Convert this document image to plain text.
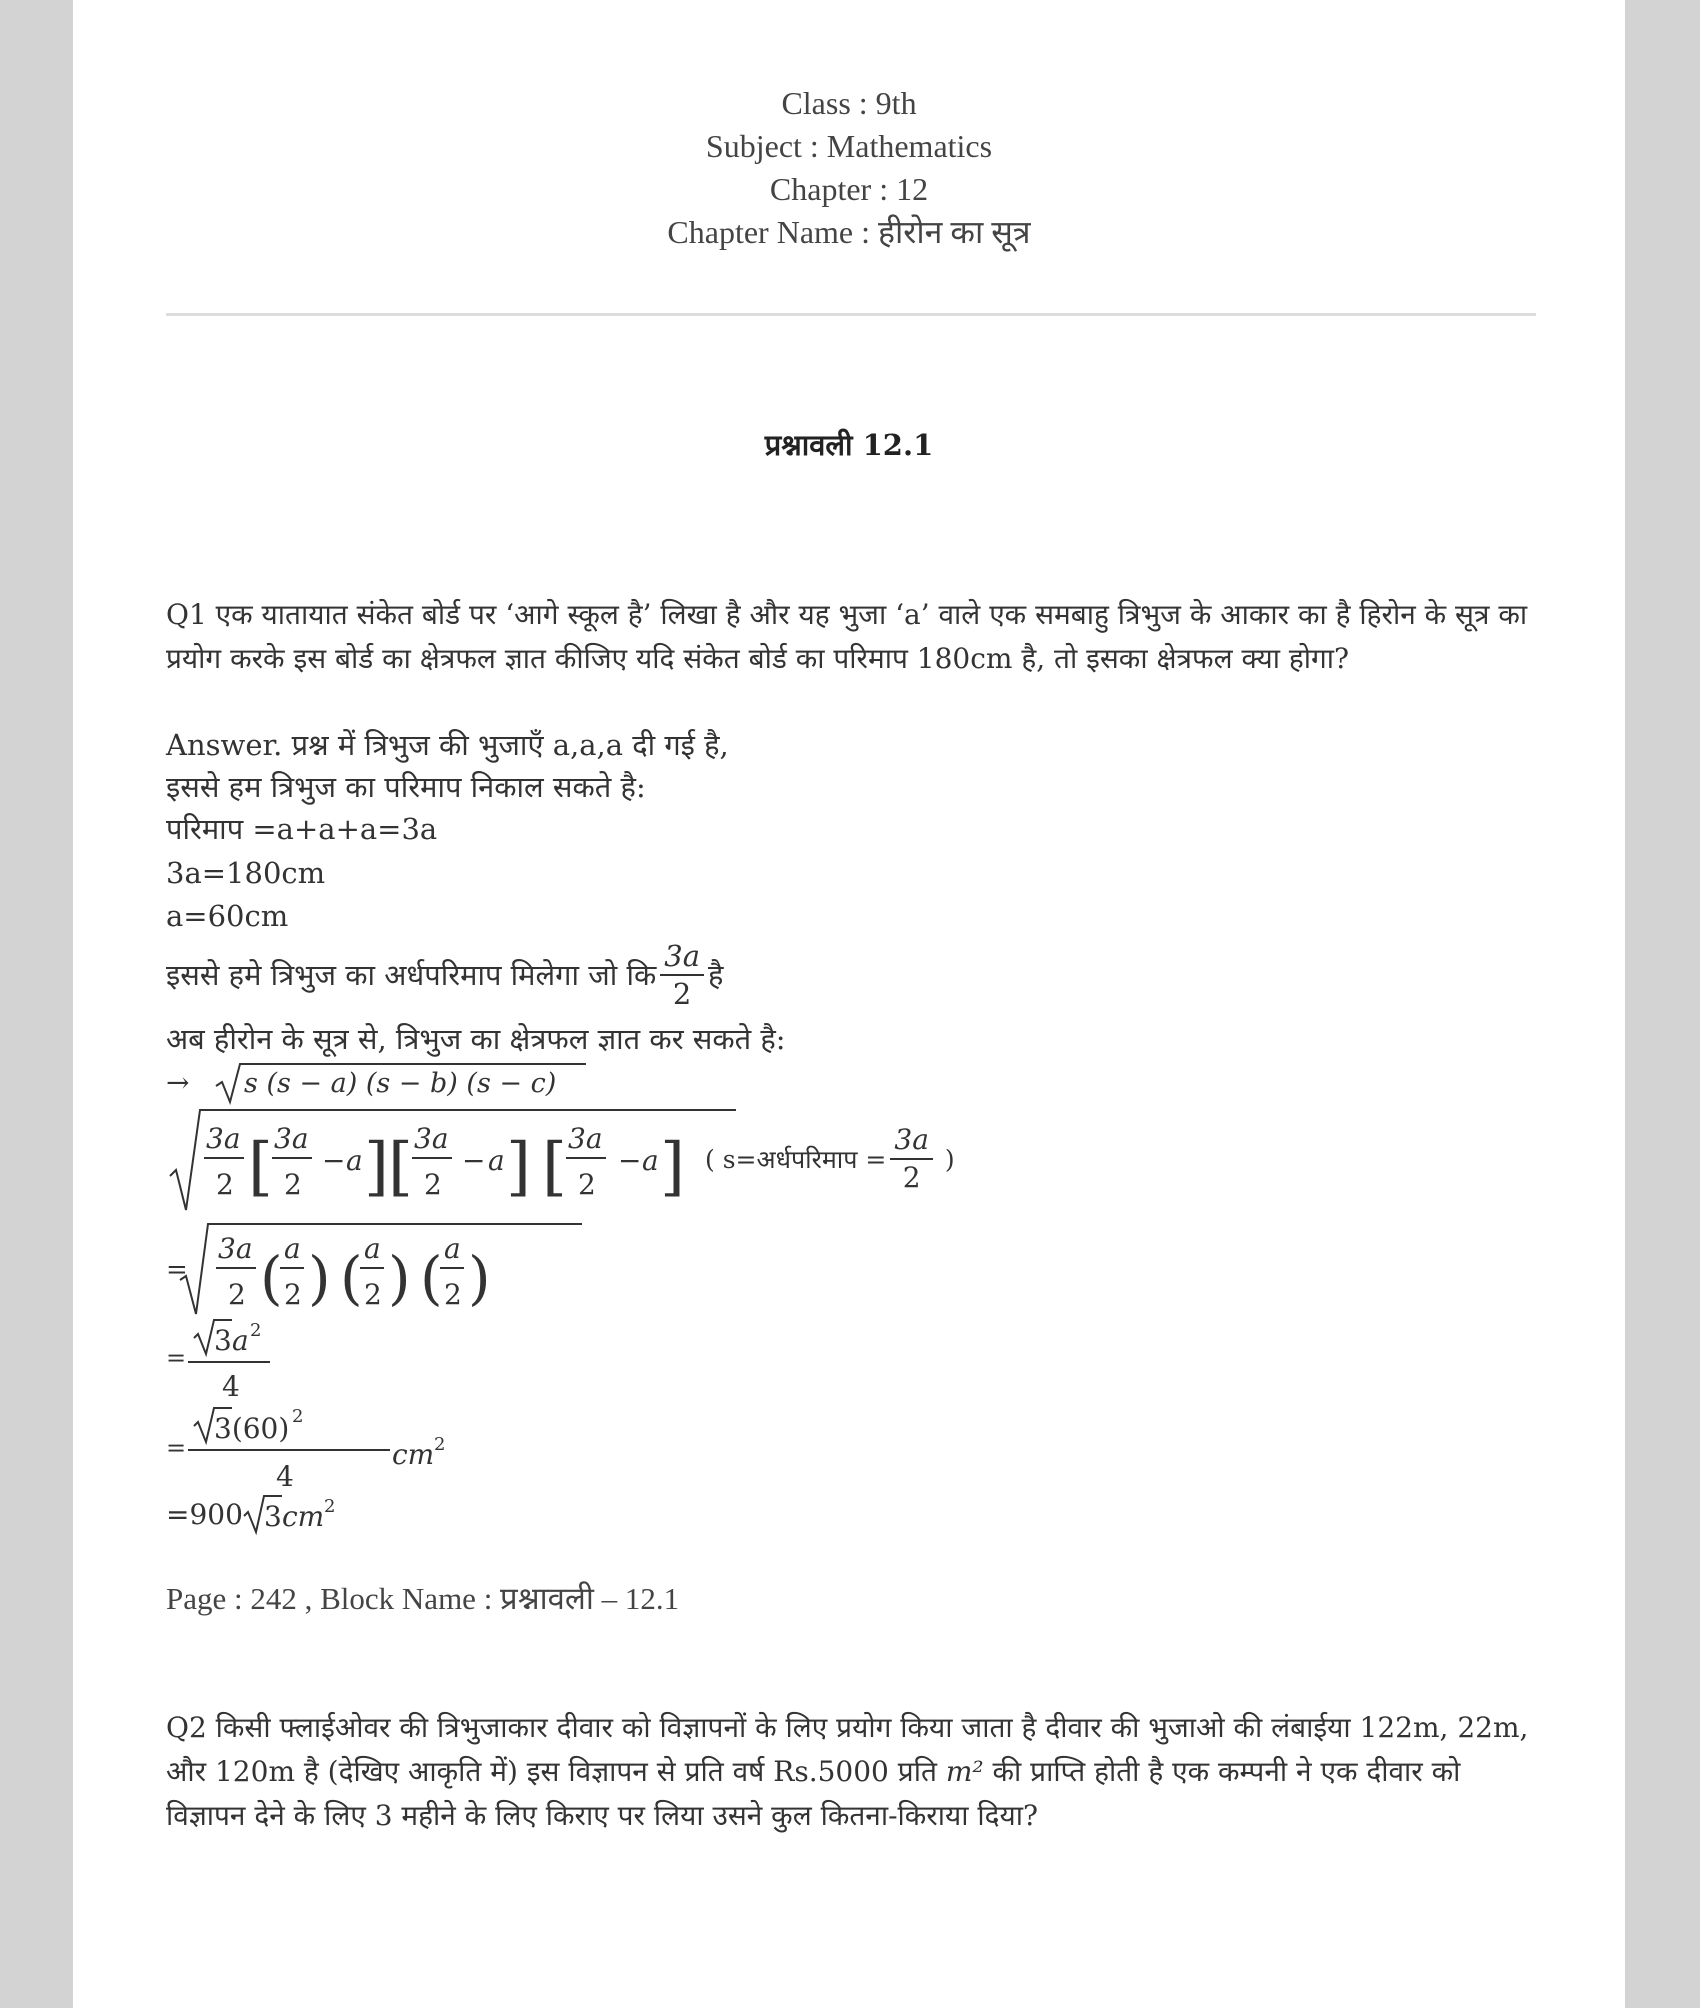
Class : 9th
Subject : Mathematics
Chapter : 12
Chapter Name : हीरोन का सूत्र
प्रश्नावली 12.1
Q1 एक यातायात संकेत बोर्ड पर ‘आगे स्कूल है’ लिखा है और यह भुजा ‘a’ वाले एक समबाहु त्रिभुज के आकार का है हिरोन के सूत्र का प्रयोग करके इस बोर्ड का क्षेत्रफल ज्ञात कीजिए यदि संकेत बोर्ड का परिमाप 180cm है, तो इसका क्षेत्रफल क्या होगा?
Answer. प्रश्न में त्रिभुज की भुजाएँ a,a,a दी गई है,
इससे हम त्रिभुज का परिमाप निकाल सकते है:
परिमाप =a+a+a=3a
3a=180cm
a=60cm
इससे हमे त्रिभुज का अर्धपरिमाप मिलेगा जो कि $\frac{3a}{2}$ है
अब हीरोन के सूत्र से, त्रिभुज का क्षेत्रफल ज्ञात कर सकते है:
→ s (s − a) (s − b) (s − c)
3a
2 [ 3a
2
− a ] [ 3a
2
− a ] [ 3a
2
− a ] ( s=अर्धपरिमाप = $\frac{3a}{2}$ )
=
3a
2 ( a
2 ) ( a
2 ) ( a
2 )
=
3 a 2
4
=
3(60) 2
4
cm 2
=900 3 cm 2
Page : 242 , Block Name : प्रश्नावली – 12.1
Q2 किसी फ्लाईओवर की त्रिभुजाकार दीवार को विज्ञापनों के लिए प्रयोग किया जाता है दीवार की भुजाओ की लंबाईया 122m, 22m, और 120m है (देखिए आकृति में) इस विज्ञापन से प्रति वर्ष Rs.5000 प्रति m² की प्राप्ति होती है एक कम्पनी ने एक दीवार को विज्ञापन देने के लिए 3 महीने के लिए किराए पर लिया उसने कुल कितना-किराया दिया?
